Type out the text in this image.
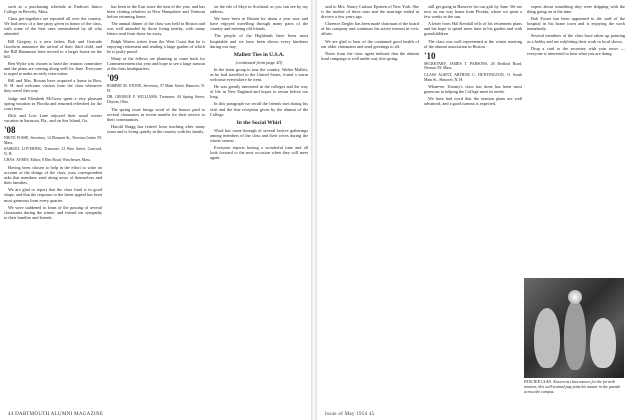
such as a purchasing schedule at Endicott Junior College in Beverly, Mass.

Class get-togethers are reported all over the country. We had news of a fine party given in honor of the class, with some of the best ones remembered by all who attended.

Bill Gregory is a new father; Bob and Gertrude Goodwin announce the arrival of their third child, and the Bill Hammons have moved to a larger house on the hill.

Ben Wylie was chosen to head the reunion committee and the plans are coming along well for June. Everyone is urged to make an early reservation.

Bill and Mrs. Rowan have acquired a home in Bow, N. H. and welcome visitors from the class whenever they travel that way.

Judge and Elizabeth McGraw spent a very pleasant spring vacation in Florida and returned refreshed for the court term.

Dick and Lois Lane enjoyed their usual winter vacation in Sarasota, Fla., and on Sea Island, Ga.

'08

NIEVE FOSSE, Secretary, 14 Pleasant St., Newton Center 59, Mass.

SAMUEL LOVERING, Treasurer, 21 Pine Street, Concord, N. H.

CHAS. AYRES, Editor, 8 Elm Road, Winchester, Mass.

Having been chosen to help in the effort to write an account of the doings of the class, your correspondent asks that members send along news of themselves and their families.

We are glad to report that the class fund is in good shape, and that the response to the latest appeal has been most generous from every quarter.

We were saddened to learn of the passing of several classmates during the winter, and extend our sympathy to their families and friends.

has been in the East since the turn of the year, and has been visiting relatives in New Hampshire and Vermont before returning home.

The annual dinner of the class was held in Boston and was well attended by those living nearby, with many letters read from those far away.

Ralph Waters writes from the West Coast that he is enjoying retirement and tending a large garden of which he is justly proud.

Many of the fellows are planning to come back for Commencement this year and hope to see a large turnout at the class headquarters.

'09

ROBERT M. STONE, Secretary, 57 Main Street, Hanover, N. H.

DR. GEORGE F. WILLIAMS, Treasurer, 44 Spring Street, Dayton, Ohio

The spring issue brings word of the honors paid to several classmates in recent months for their service to their communities.

Harold Bragg has retired from teaching after many years and is living quietly in the country with his family.

on the isle of Skye in Scotland, as you can see by my address.

We have been in Britain for about a year now and have enjoyed travelling through many parts of the country and meeting old friends.

The people of the Highlands have been most hospitable and we have been shown every kindness during our stay.

Mallett Ties in U.S.A.

(continued from page 43)

In the latest group to tour the country, Walter Mallett, as he had travelled to the United States, found a warm welcome everywhere he went.

He was greatly interested in the colleges and the way of life in New England and hopes to return before too long.

In this paragraph we recall the friends met during his visit and the fine reception given by the alumni of the College.

In the Social Whirl

Word has come through of several festive gatherings among members of the class and their wives during the winter season.

Everyone reports having a wonderful time and all look forward to the next occasion when they will meet again.

44 DARTMOUTH ALUMNI MAGAZINE

said to Mrs. Nancy Carlson Epsteen of New York. She is the mother of three sons and the marriage ended in divorce a few years ago.

Clarence Ziegler has been made chairman of the board of his company and continues his active interest in civic affairs.

We are glad to hear of the continued good health of our older classmates and send greetings to all.

Notes from the class agent indicate that the alumni fund campaign is well under way this spring.

still get going in Hanover for our gals by June. We are now on our way home from Florida, where we spent a few weeks in the sun.

A letter from Hal Kendall tells of his retirement plans and his hope to spend more time in his garden and with grandchildren.

The class was well represented at the winter meeting of the alumni association in Boston.

'10

SECRETARY, JAMES T. PARSONS, 26 Bedford Road, Newton 59, Mass.

CLASS AGENT, ARTHUR C. HUNTINGTON, 11 South Main St., Hanover, N. H.

Whatever Tommy's class has done has been most generous in helping the College meet its needs.

We have had word that the reunion plans are well advanced, and a good turnout is expected.

expert about something they were shipping with the thing going on at the time.

Bob Foster has been appointed to the staff of the hospital in his home town and is enjoying the work immensely.

Several members of the class have taken up painting as a hobby and are exhibiting their work in local shows.

Drop a card to the secretary with your news — everyone is interested to hear what you are doing.

FANCIER CLAN: Known as class mascot for the fortieth reunion, this well-trained pup joins his master in the parade across the campus.
Issue of May 1954 45
